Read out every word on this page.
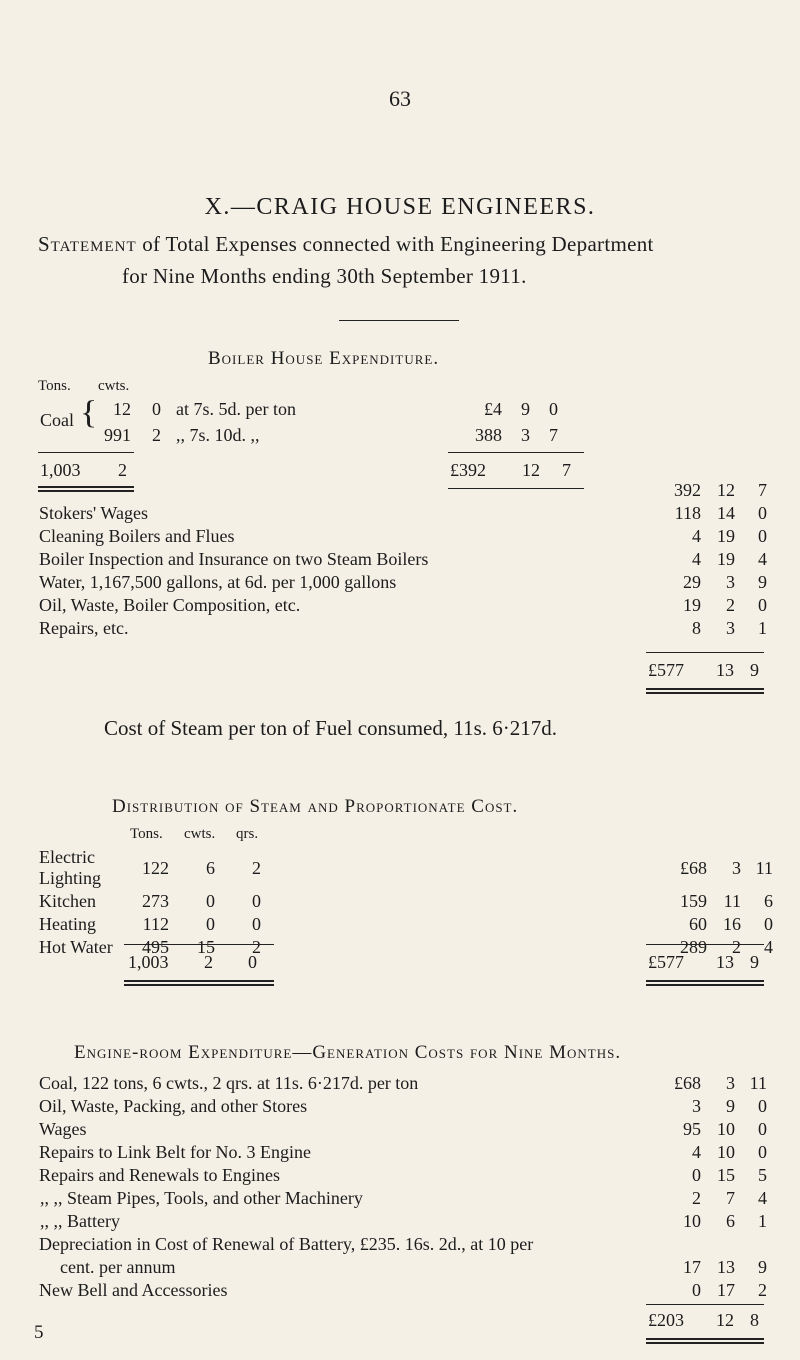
63
X.—CRAIG HOUSE ENGINEERS.
Statement of Total Expenses connected with Engineering Department
for Nine Months ending 30th September 1911.
Boiler House Expenditure.
Tons. cwts.
Coal { 12	0	at 7s. 5d. per ton	£4	9	0
991	2	,, 7s. 10d. ,,	388	3	7
1,003 2	£392 12 7
	392	12	7
Stokers' Wages	118	14	0
Cleaning Boilers and Flues	4	19	0
Boiler Inspection and Insurance on two Steam Boilers	4	19	4
Water, 1,167,500 gallons, at 6d. per 1,000 gallons	29	3	9
Oil, Waste, Boiler Composition, etc.	19	2	0
Repairs, etc.	8	3	1
£577 13 9
Cost of Steam per ton of Fuel consumed, 11s. 6·217d.
Distribution of Steam and Proportionate Cost.
Tons. cwts. qrs.
Electric Lighting	122	6	2	£68	3	11
Kitchen	273	0	0	159	11	6
Heating	112	0	0	60	16	0
Hot Water	495	15	2	289	2	4
1,003 2 0	£577 13 9
Engine-room Expenditure—Generation Costs for Nine Months.
Coal, 122 tons, 6 cwts., 2 qrs. at 11s. 6·217d. per ton	£68	3	11
Oil, Waste, Packing, and other Stores	3	9	0
Wages	95	10	0
Repairs to Link Belt for No. 3 Engine	4	10	0
Repairs and Renewals to Engines	0	15	5
,, ,, Steam Pipes, Tools, and other Machinery	2	7	4
,, ,, Battery	10	6	1
Depreciation in Cost of Renewal of Battery, £235. 16s. 2d., at 10 per			
cent. per annum	17	13	9
New Bell and Accessories	0	17	2
£203 12 8
5
